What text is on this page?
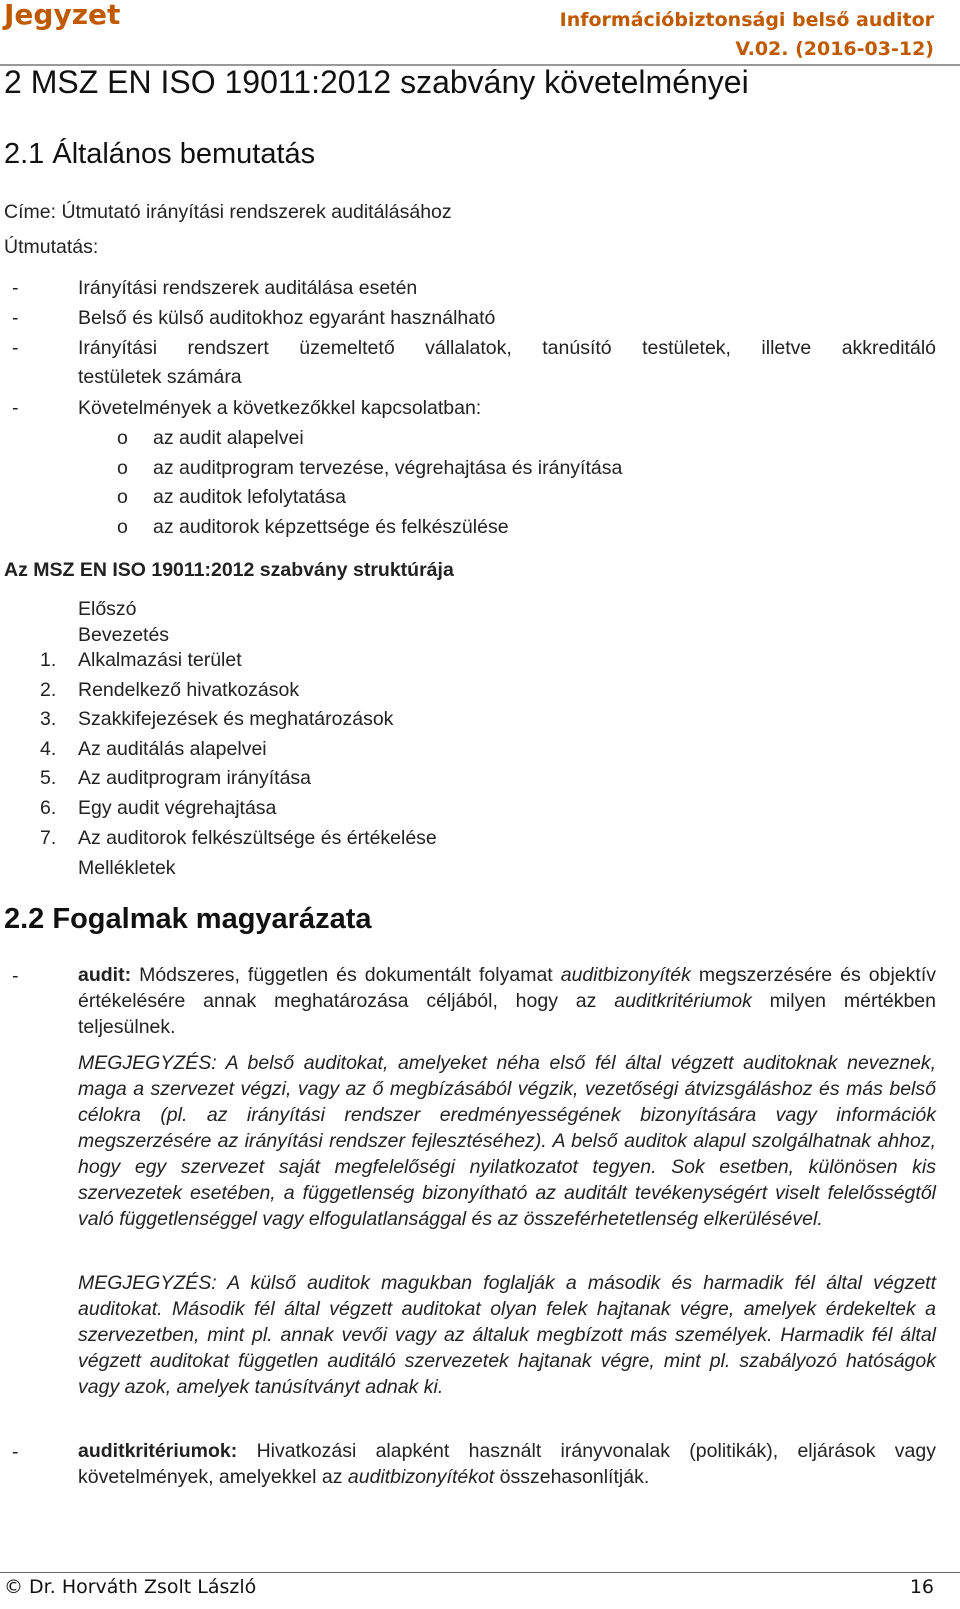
Jegyzet	Információbiztonsági belső auditor
V.02. (2016-03-12)
2 MSZ EN ISO 19011:2012 szabvány követelményei
2.1 Általános bemutatás
Címe: Útmutató irányítási rendszerek auditálásához
Útmutatás:
-	Irányítási rendszerek auditálása esetén
-	Belső és külső auditokhoz egyaránt használható
-	Irányítási rendszert üzemeltető vállalatok, tanúsító testületek, illetve akkreditáló
testületek számára
-	Követelmények a következőkkel kapcsolatban:
o az audit alapelvei
o az auditprogram tervezése, végrehajtása és irányítása
o az auditok lefolytatása
o az auditorok képzettsége és felkészülése
Az MSZ EN ISO 19011:2012 szabvány struktúrája
Előszó
Bevezetés
1. Alkalmazási terület
2. Rendelkező hivatkozások
3. Szakkifejezések és meghatározások
4. Az auditálás alapelvei
5. Az auditprogram irányítása
6. Egy audit végrehajtása
7. Az auditorok felkészültsége és értékelése
Mellékletek
2.2 Fogalmak magyarázata
-	audit: Módszeres, független és dokumentált folyamat auditbizonyíték megszerzésére és objektív értékelésére annak meghatározása céljából, hogy az auditkritériumok milyen mértékben teljesülnek.
MEGJEGYZÉS: A belső auditokat, amelyeket néha első fél által végzett auditoknak neveznek, maga a szervezet végzi, vagy az ő megbízásából végzik, vezetőségi átvizsgáláshoz és más belső célokra (pl. az irányítási rendszer eredményességének bizonyítására vagy információk megszerzésére az irányítási rendszer fejlesztéséhez). A belső auditok alapul szolgálhatnak ahhoz, hogy egy szervezet saját megfelelőségi nyilatkozatot tegyen. Sok esetben, különösen kis szervezetek esetében, a függetlenség bizonyítható az auditált tevékenységért viselt felelősségtől való függetlenséggel vagy elfogulatlansággal és az összeférhetetlenség elkerülésével.
MEGJEGYZÉS: A külső auditok magukban foglalják a második és harmadik fél által végzett auditokat. Második fél által végzett auditokat olyan felek hajtanak végre, amelyek érdekeltek a szervezetben, mint pl. annak vevői vagy az általuk megbízott más személyek. Harmadik fél által végzett auditokat független auditáló szervezetek hajtanak végre, mint pl. szabályozó hatóságok vagy azok, amelyek tanúsítványt adnak ki.
-	auditkritériumok: Hivatkozási alapként használt irányvonalak (politikák), eljárások vagy követelmények, amelyekkel az auditbizonyítékot összehasonlítják.
© Dr. Horváth Zsolt László	16
